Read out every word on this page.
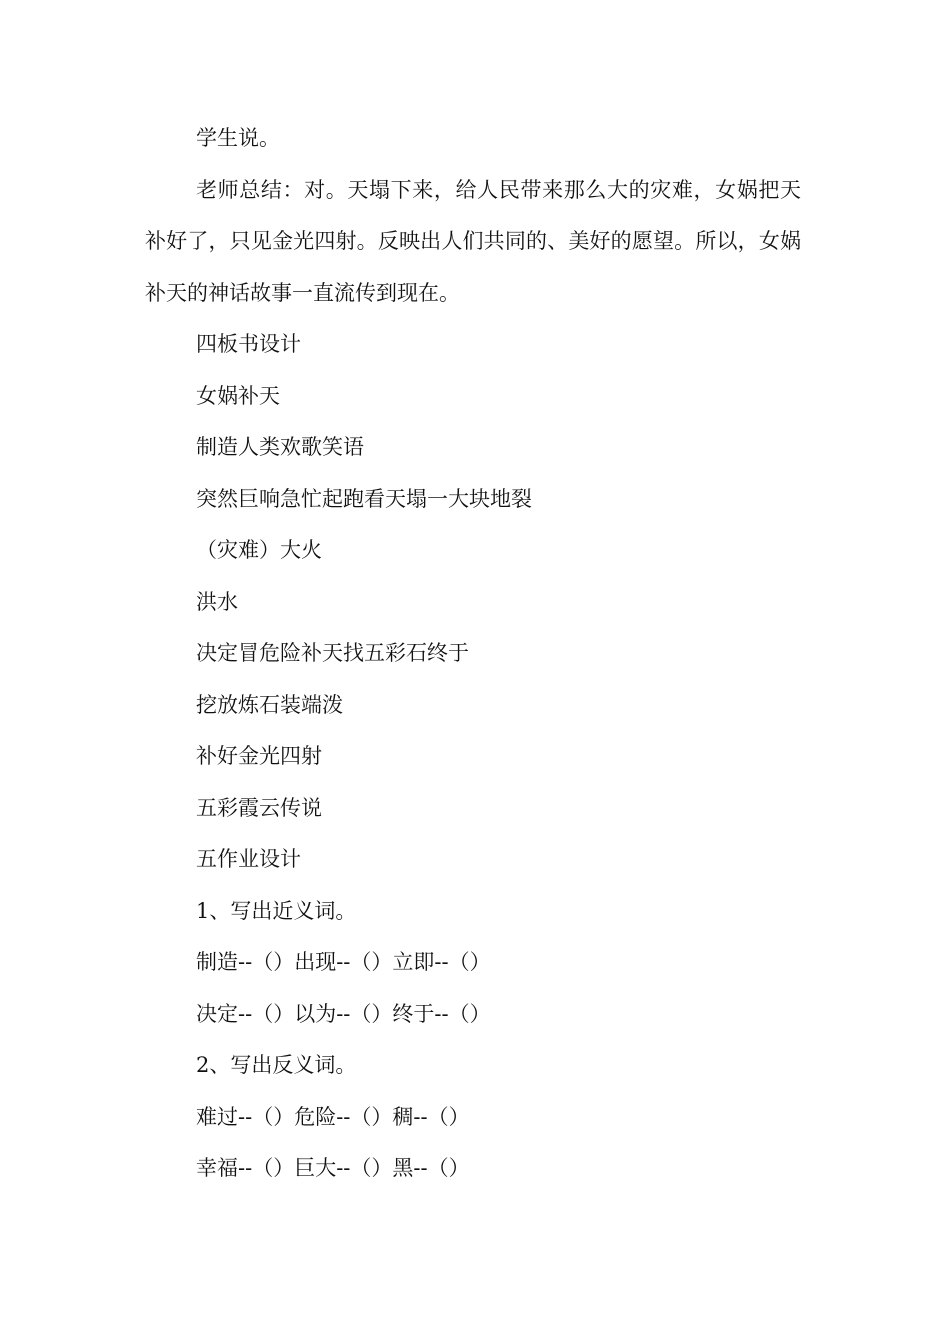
学生说。

老师总结：对。天塌下来，给人民带来那么大的灾难，女娲把天补好了，只见金光四射。反映出人们共同的、美好的愿望。所以，女娲补天的神话故事一直流传到现在。

四板书设计

女娲补天

制造人类欢歌笑语

突然巨响急忙起跑看天塌一大块地裂

（灾难）大火

洪水

决定冒危险补天找五彩石终于

挖放炼石装端泼

补好金光四射

五彩霞云传说

五作业设计

1、写出近义词。

制造--（）出现--（）立即--（）

决定--（）以为--（）终于--（）

2、写出反义词。

难过--（）危险--（）稠--（）

幸福--（）巨大--（）黑--（）
